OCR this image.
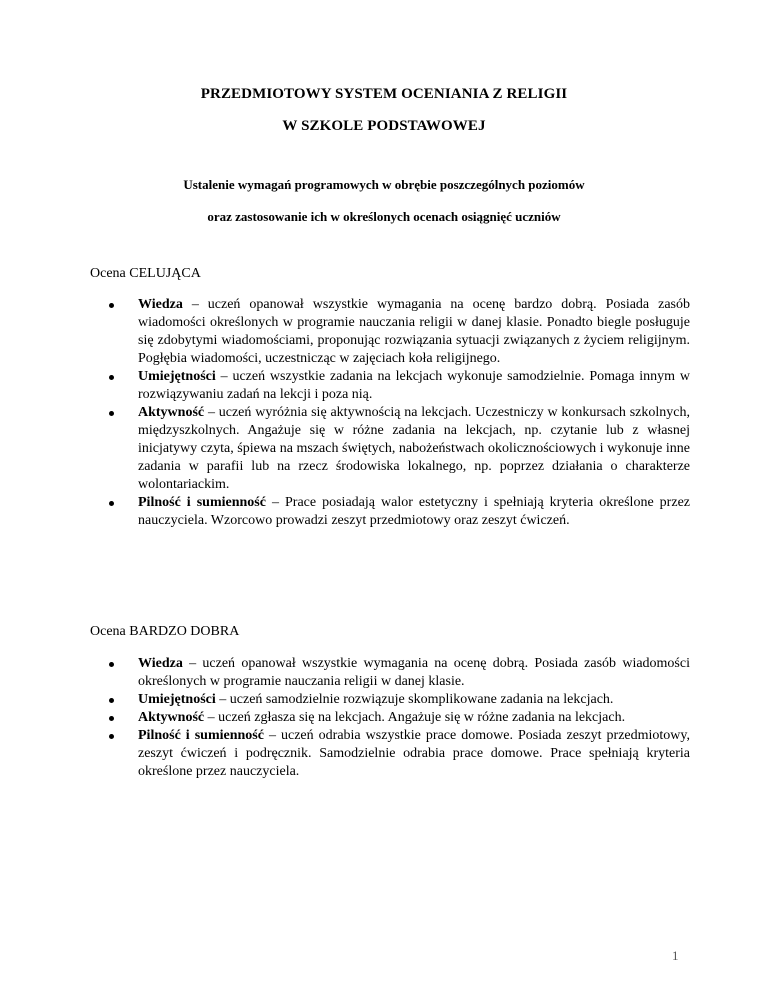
PRZEDMIOTOWY SYSTEM OCENIANIA Z RELIGII
W SZKOLE PODSTAWOWEJ
Ustalenie wymagań programowych w obrębie poszczególnych poziomów
oraz zastosowanie ich w określonych ocenach osiągnięć uczniów
Ocena CELUJĄCA
Wiedza – uczeń opanował wszystkie wymagania na ocenę bardzo dobrą. Posiada zasób wiadomości określonych w programie nauczania religii w danej klasie. Ponadto biegle posługuje się zdobytymi wiadomościami, proponując rozwiązania sytuacji związanych z życiem religijnym. Pogłębia wiadomości, uczestnicząc w zajęciach koła religijnego.
Umiejętności – uczeń wszystkie zadania na lekcjach wykonuje samodzielnie. Pomaga innym w rozwiązywaniu zadań na lekcji i poza nią.
Aktywność – uczeń wyróżnia się aktywnością na lekcjach. Uczestniczy w konkursach szkolnych, międzyszkolnych. Angażuje się w różne zadania na lekcjach, np. czytanie lub z własnej inicjatywy czyta, śpiewa na mszach świętych, nabożeństwach okolicznościowych i wykonuje inne zadania w parafii lub na rzecz środowiska lokalnego, np. poprzez działania o charakterze wolontariackim.
Pilność i sumienność – Prace posiadają walor estetyczny i spełniają kryteria określone przez nauczyciela. Wzorcowo prowadzi zeszyt przedmiotowy oraz zeszyt ćwiczeń.
Ocena BARDZO DOBRA
Wiedza – uczeń opanował wszystkie wymagania na ocenę dobrą. Posiada zasób wiadomości określonych w programie nauczania religii w danej klasie.
Umiejętności – uczeń samodzielnie rozwiązuje skomplikowane zadania na lekcjach.
Aktywność – uczeń zgłasza się na lekcjach. Angażuje się w różne zadania na lekcjach.
Pilność i sumienność – uczeń odrabia wszystkie prace domowe. Posiada zeszyt przedmiotowy, zeszyt ćwiczeń i podręcznik. Samodzielnie odrabia prace domowe. Prace spełniają kryteria określone przez nauczyciela.
1
